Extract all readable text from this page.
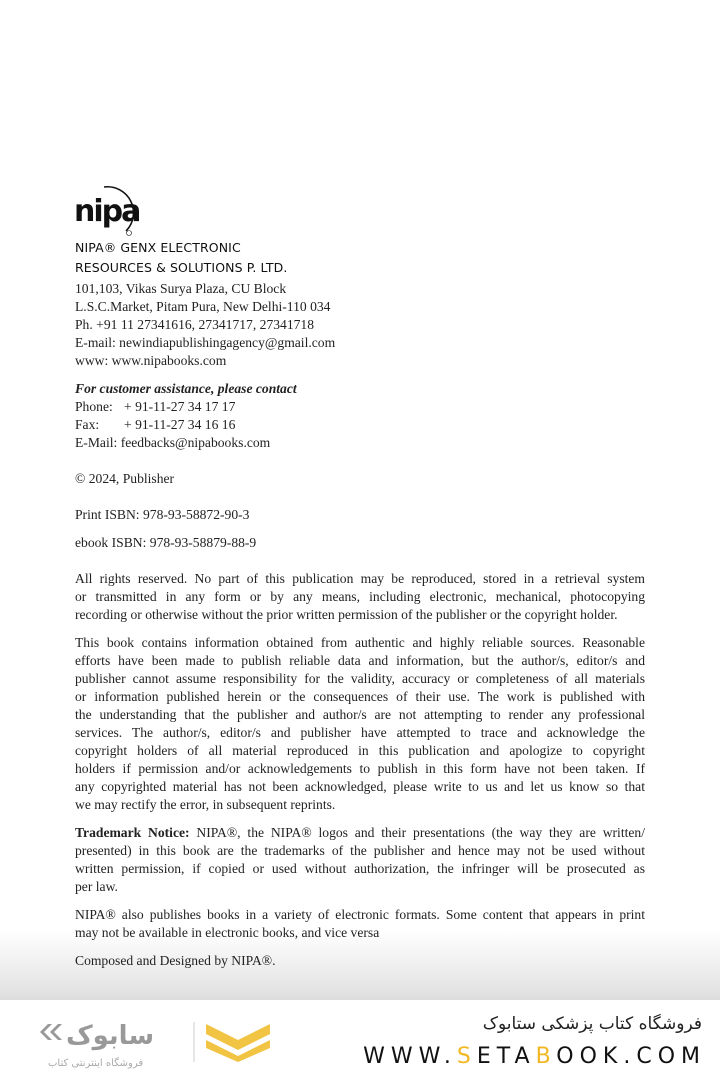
nipa
NIPA® GENX ELECTRONIC
RESOURCES & SOLUTIONS P. LTD.
101,103, Vikas Surya Plaza, CU Block
L.S.C.Market, Pitam Pura, New Delhi-110 034
Ph. +91 11 27341616, 27341717, 27341718
E-mail: newindiapublishingagency@gmail.com
www: www.nipabooks.com
For customer assistance, please contact
Phone: + 91-11-27 34 17 17
Fax: + 91-11-27 34 16 16
E-Mail: feedbacks@nipabooks.com
© 2024, Publisher
Print ISBN: 978-93-58872-90-3
ebook ISBN: 978-93-58879-88-9
All rights reserved. No part of this publication may be reproduced, stored in a retrieval system
or transmitted in any form or by any means, including electronic, mechanical, photocopying
recording or otherwise without the prior written permission of the publisher or the copyright holder.
This book contains information obtained from authentic and highly reliable sources. Reasonable
efforts have been made to publish reliable data and information, but the author/s, editor/s and
publisher cannot assume responsibility for the validity, accuracy or completeness of all materials
or information published herein or the consequences of their use. The work is published with
the understanding that the publisher and author/s are not attempting to render any professional
services. The author/s, editor/s and publisher have attempted to trace and acknowledge the
copyright holders of all material reproduced in this publication and apologize to copyright
holders if permission and/or acknowledgements to publish in this form have not been taken. If
any copyrighted material has not been acknowledged, please write to us and let us know so that
we may rectify the error, in subsequent reprints.
Trademark Notice: NIPA®, the NIPA® logos and their presentations (the way they are written/
presented) in this book are the trademarks of the publisher and hence may not be used without
written permission, if copied or used without authorization, the infringer will be prosecuted as
per law.
NIPA® also publishes books in a variety of electronic formats. Some content that appears in print
may not be available in electronic books, and vice versa
Composed and Designed by NIPA®.
سابوک
فروشگاه اینترنتی کتاب
فروشگاه کتاب پزشکی ستابوک
WWW.SETABOOK.COM
